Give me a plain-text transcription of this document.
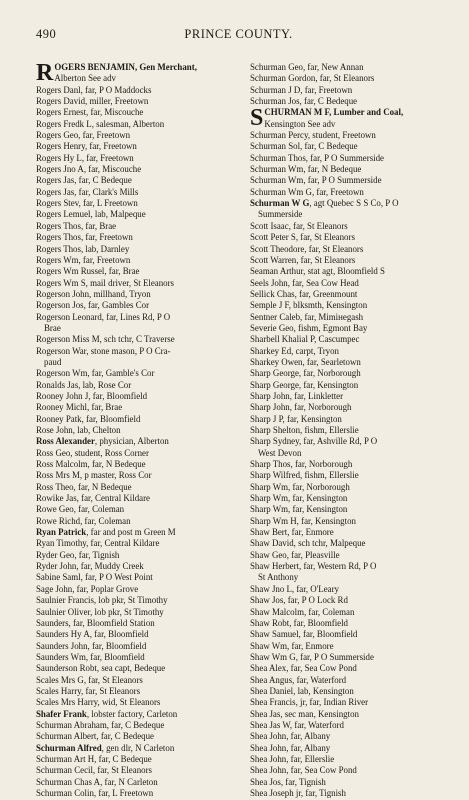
490	PRINCE COUNTY.
R OGERS BENJAMIN, Gen Merchant,
Alberton See adv
Rogers Danl, far, P O Maddocks
Rogers David, miller, Freetown
Rogers Ernest, far, Miscouche
Rogers Fredk L, salesman, Alberton
Rogers Geo, far, Freetown
Rogers Henry, far, Freetown
Rogers Hy L, far, Freetown
Rogers Jno A, far, Miscouche
Rogers Jas, far, C Bedeque
Rogers Jas, far, Clark's Mills
Rogers Stev, far, L Freetown
Rogers Lemuel, lab, Malpeque
Rogers Thos, far, Brae
Rogers Thos, far, Freetown
Rogers Thos, lab, Darnley
Rogers Wm, far, Freetown
Rogers Wm Russel, far, Brae
Rogers Wm S, mail driver, St Eleanors
Rogerson John, millhand, Tryon
Rogerson Jos, far, Gambles Cor
Rogerson Leonard, far, Lines Rd, P O
Brae
Rogerson Miss M, sch tchr, C Traverse
Rogerson War, stone mason, P O Cra-
paud
Rogerson Wm, far, Gamble's Cor
Ronalds Jas, lab, Rose Cor
Rooney John J, far, Bloomfield
Rooney Michl, far, Brae
Rooney Patk, far, Bloomfield
Rose John, lab, Chelton
Ross Alexander, physician, Alberton
Ross Geo, student, Ross Corner
Ross Malcolm, far, N Bedeque
Ross Mrs M, p master, Ross Cor
Ross Theo, far, N Bedeque
Rowike Jas, far, Central Kildare
Rowe Geo, far, Coleman
Rowe Richd, far, Coleman
Ryan Patrick, far and post m Green M
Ryan Timothy, far, Central Kildare
Ryder Geo, far, Tignish
Ryder John, far, Muddy Creek
Sabine Saml, far, P O West Point
Sage John, far, Poplar Grove
Saulnier Francis, lob pkr, St Timothy
Saulnier Oliver, lob pkr, St Timothy
Saunders, far, Bloomfield Station
Saunders Hy A, far, Bloomfield
Saunders John, far, Bloomfield
Saunders Wm, far, Bloomfield
Saunderson Robt, sea capt, Bedeque
Scales Mrs G, far, St Eleanors
Scales Harry, far, St Eleanors
Scales Mrs Harry, wid, St Eleanors
Shafer Frank, lobster factory, Carleton
Schurman Abraham, far, C Bedeque
Schurman Albert, far, C Bedeque
Schurman Alfred, gen dlr, N Carleton
Schurman Art H, far, C Bedeque
Schurman Cecil, far, St Eleanors
Schurman Chas A, far, N Carleton
Schurman Colin, far, L Freetown
Schurman Geo, far, New Annan
Schurman Gordon, far, St Eleanors
Schurman J D, far, Freetown
Schurman Jos, far, C Bedeque
S CHURMAN M F, Lumber and Coal,
Kensington See adv
Schurman Percy, student, Freetown
Schurman Sol, far, C Bedeque
Schurman Thos, far, P O Summerside
Schurman Wm, far, N Bedeque
Schurman Wm, far, P O Summerside
Schurman Wm G, far, Freetown
Schurman W G, agt Quebec S S Co, P O
Summerside
Scott Isaac, far, St Eleanors
Scott Peter S, far, St Eleanors
Scott Theodore, far, St Eleanors
Scott Warren, far, St Eleanors
Seaman Arthur, stat agt, Bloomfield S
Seels John, far, Sea Cow Head
Sellick Chas, far, Greenmount
Semple J F, blksmth, Kensington
Sentner Caleb, far, Mimінegash
Severie Geo, fishm, Egmont Bay
Sharbell Khalial P, Cascumpec
Sharkey Ed, carpt, Tryon
Sharkey Owen, far, Searletown
Sharp George, far, Norborough
Sharp George, far, Kensington
Sharp John, far, Linkletter
Sharp John, far, Norborough
Sharp J P, far, Kensington
Sharp Shelton, fishm, Ellerslie
Sharp Sydney, far, Ashville Rd, P O
West Devon
Sharp Thos, far, Norborough
Sharp Wilfred, fishm, Ellerslie
Sharp Wm, far, Norborough
Sharp Wm, far, Kensington
Sharp Wm, far, Kensington
Sharp Wm H, far, Kensington
Shaw Bert, far, Enmore
Shaw David, sch tchr, Malpeque
Shaw Geo, far, Pleasville
Shaw Herbert, far, Western Rd, P O
St Anthony
Shaw Jno L, far, O'Leary
Shaw Jos, far, P O Lock Rd
Shaw Malcolm, far, Coleman
Shaw Robt, far, Bloomfield
Shaw Samuel, far, Bloomfield
Shaw Wm, far, Enmore
Shaw Wm G, far, P O Summerside
Shea Alex, far, Sea Cow Pond
Shea Angus, far, Waterford
Shea Daniel, lab, Kensington
Shea Francis, jr, far, Indian River
Shea Jas, sec man, Kensington
Shea Jas W, far, Waterford
Shea John, far, Albany
Shea John, far, Albany
Shea John, far, Ellerslie
Shea John, far, Sea Cow Pond
Shea Jos, far, Tignish
Shea Joseph jr, far, Tignish
